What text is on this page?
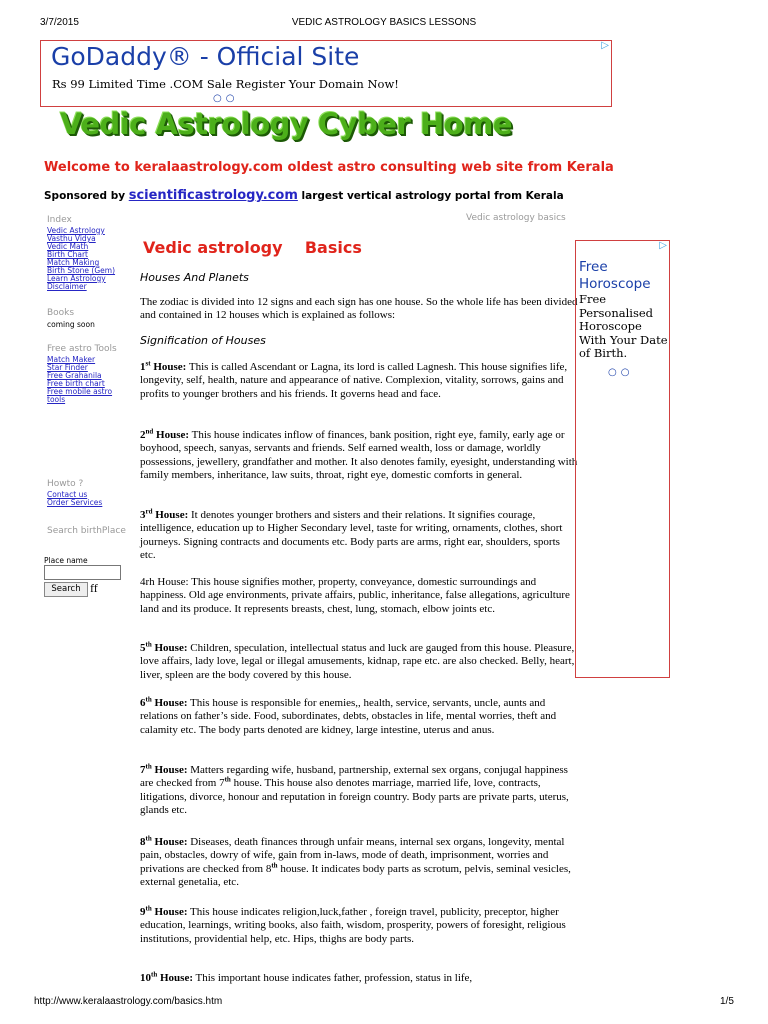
3/7/2015	VEDIC ASTROLOGY BASICS LESSONS
GoDaddy® - Official Site
Rs 99 Limited Time .COM Sale Register Your Domain Now!
○○
▷
Vedic Astrology Cyber Home
Welcome to keralaastrology.com oldest astro consulting web site from Kerala
Sponsored by scientificastrology.com largest vertical astrology portal from Kerala
Index
Vedic Astrology
Vasthu Vidya
Vedic Math
Birth Chart
Match Making
Birth Stone (Gem)
Learn Astrology
Disclaimer
Books
coming soon
Free astro Tools
Match Maker
Star Finder
Free Grahanila
Free birth chart
Free mobile astro
tools
Howto ?
Contact us
Order Services
Search birthPlace
Place name
Search ff
Vedic astrology basics
Vedic astrology    Basics
Houses And Planets
The zodiac is divided into 12 signs and each sign has one house. So the whole life has been divided and contained in 12 houses which is explained as follows:
Signification of Houses
1st House: This is called Ascendant or Lagna, its lord is called Lagnesh. This house signifies life, longevity, self, health, nature and appearance of native. Complexion, vitality, sorrows, gains and profits to younger brothers and his friends. It governs head and face.
2nd House: This house indicates inflow of finances, bank position, right eye, family, early age or boyhood, speech, sanyas, servants and friends. Self earned wealth, loss or damage, worldly possessions, jewellery, grandfather and mother. It also denotes family, eyesight, understanding with family members, inheritance, law suits, throat, right eye, domestic comforts in general.
3rd House: It denotes younger brothers and sisters and their relations. It signifies courage, intelligence, education up to Higher Secondary level, taste for writing, ornaments, clothes, short journeys. Signing contracts and documents etc. Body parts are arms, right ear, shoulders, sports etc.
4rh House: This house signifies mother, property, conveyance, domestic surroundings and happiness. Old age environments, private affairs, public, inheritance, false allegations, agriculture land and its produce. It represents breasts, chest, lung, stomach, elbow joints etc.
5th House: Children, speculation, intellectual status and luck are gauged from this house. Pleasure, love affairs, lady love, legal or illegal amusements, kidnap, rape etc. are also checked. Belly, heart, liver, spleen are the body covered by this house.
6th House: This house is responsible for enemies,, health, service, servants, uncle, aunts and relations on father’s side. Food, subordinates, debts, obstacles in life, mental worries, theft and calamity etc. The body parts denoted are kidney, large intestine, uterus and anus.
7th House: Matters regarding wife, husband, partnership, external sex organs, conjugal happiness are checked from 7th house. This house also denotes marriage, married life, love, contracts, litigations, divorce, honour and reputation in foreign country. Body parts are private parts, uterus, glands etc.
8th House: Diseases, death finances through unfair means, internal sex organs, longevity, mental pain, obstacles, dowry of wife, gain from in-laws, mode of death, imprisonment, worries and privations are checked from 8th house. It indicates body parts as scrotum, pelvis, seminal vesicles, external genetalia, etc.
9th House: This house indicates religion,luck,father , foreign travel, publicity, preceptor, higher education, learnings, writing books, also faith, wisdom, prosperity, powers of foresight, religious institutions, providential help, etc. Hips, thighs are body parts.
10th House: This important house indicates father, profession, status in life,
▷
Free Horoscope
Free Personalised Horoscope With Your Date of Birth.
○○
http://www.keralaastrology.com/basics.htm	1/5
